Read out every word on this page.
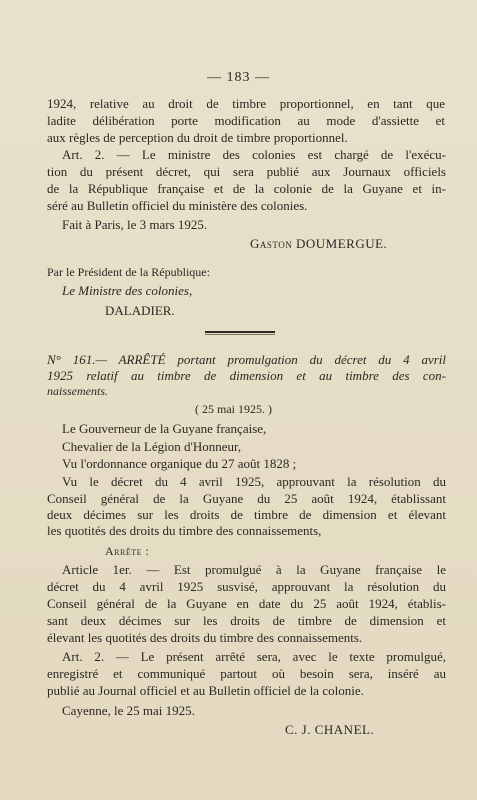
— 183 —
1924, relative au droit de timbre proportionnel, en tant que
ladite délibération porte modification au mode d'assiette et
aux règles de perception du droit de timbre proportionnel.
Art. 2. — Le ministre des colonies est chargé de l'exécu-
tion du présent décret, qui sera publié aux Journaux officiels
de la République française et de la colonie de la Guyane et in-
séré au Bulletin officiel du ministère des colonies.
Fait à Paris, le 3 mars 1925.
Gaston DOUMERGUE.
Par le Président de la République:
Le Ministre des colonies,
DALADIER.
N° 161.— ARRÊTÉ portant promulgation du décret du 4 avril
1925 relatif au timbre de dimension et au timbre des con-
naissements.
( 25 mai 1925. )
Le Gouverneur de la Guyane française,
Chevalier de la Légion d'Honneur,
Vu l'ordonnance organique du 27 août 1828 ;
Vu le décret du 4 avril 1925, approuvant la résolution du
Conseil général de la Guyane du 25 août 1924, établissant
deux décimes sur les droits de timbre de dimension et élevant
les quotités des droits du timbre des connaissements,
Arrête :
Article 1er. — Est promulgué à la Guyane française le
décret du 4 avril 1925 susvisé, approuvant la résolution du
Conseil général de la Guyane en date du 25 août 1924, établis-
sant deux décimes sur les droits de timbre de dimension et
élevant les quotités des droits du timbre des connaissements.
Art. 2. — Le présent arrêté sera, avec le texte promulgué,
enregistré et communiqué partout où besoin sera, inséré au
publié au Journal officiel et au Bulletin officiel de la colonie.
Cayenne, le 25 mai 1925.
C. J. CHANEL.
